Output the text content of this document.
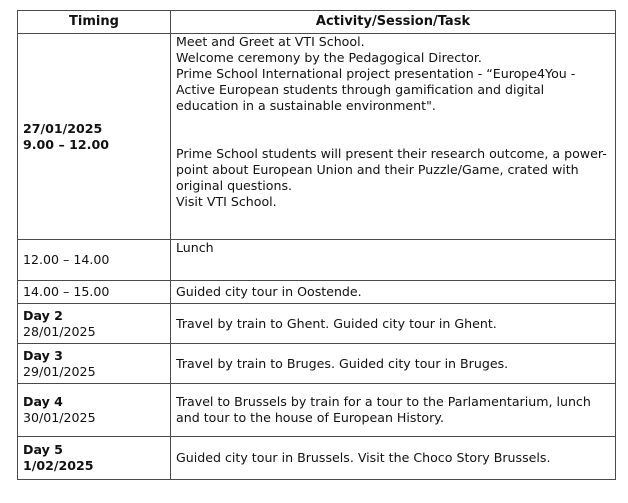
Timing	Activity/Session/Task

27/01/2025
9.00 – 12.00	Meet and Greet at VTI School.
Welcome ceremony by the Pedagogical Director.
Prime School International project presentation - “Europe4You - Active European students through gamification and digital education in a sustainable environment".
Prime School students will present their research outcome, a power-point about European Union and their Puzzle/Game, crated with original questions.
Visit VTI School.

12.00 – 14.00	Lunch

14.00 – 15.00	Guided city tour in Oostende.

Day 2
28/01/2025	Travel by train to Ghent. Guided city tour in Ghent.

Day 3
29/01/2025	Travel by train to Bruges. Guided city tour in Bruges.

Day 4
30/01/2025	Travel to Brussels by train for a tour to the Parlamentarium, lunch and tour to the house of European History.

Day 5
1/02/2025	Guided city tour in Brussels. Visit the Choco Story Brussels.
